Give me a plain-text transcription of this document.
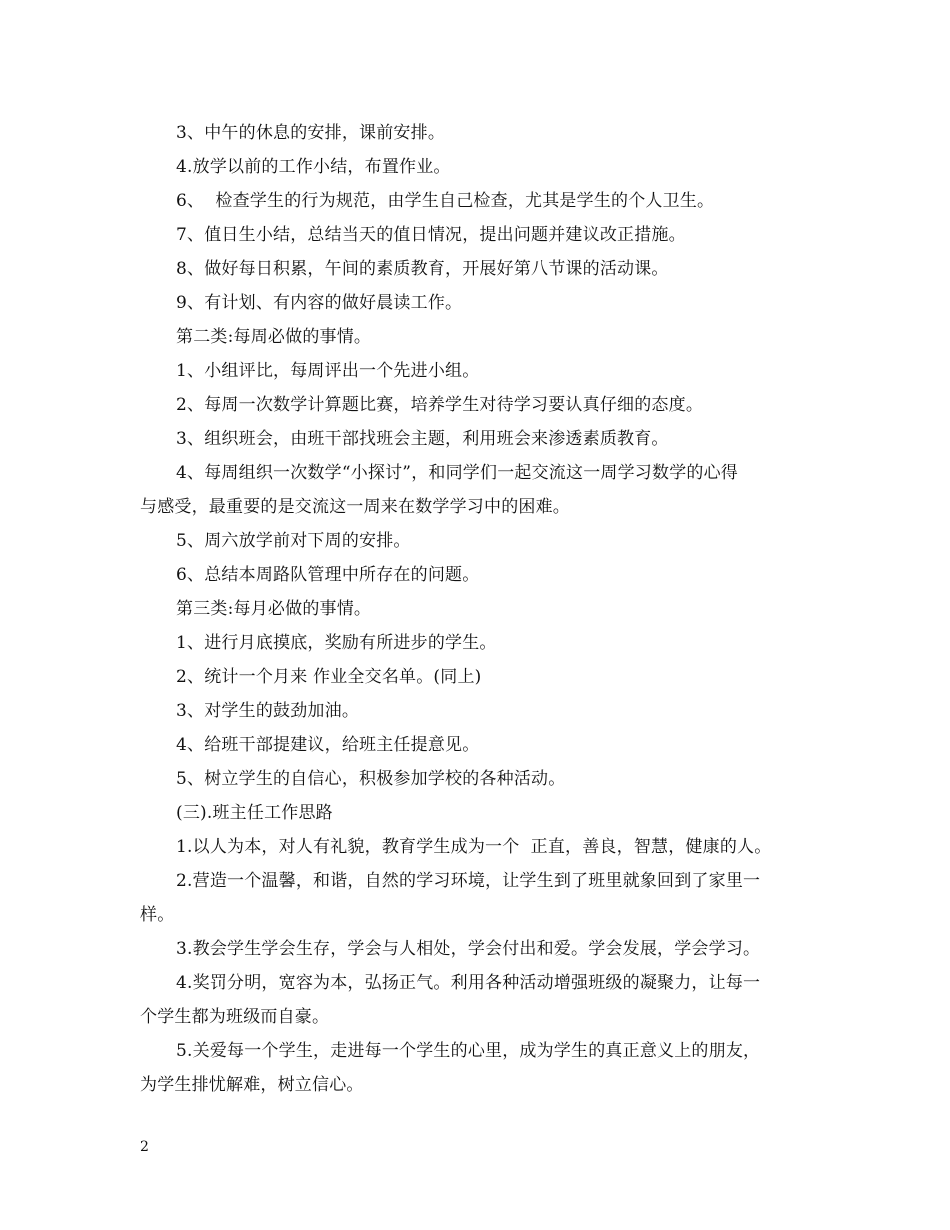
3、中午的休息的安排，课前安排。
4.放学以前的工作小结，布置作业。
6、  检查学生的行为规范，由学生自己检查，尤其是学生的个人卫生。
7、值日生小结，总结当天的值日情况，提出问题并建议改正措施。
8、做好每日积累，午间的素质教育，开展好第八节课的活动课。
9、有计划、有内容的做好晨读工作。
第二类:每周必做的事情。
1、小组评比，每周评出一个先进小组。
2、每周一次数学计算题比赛，培养学生对待学习要认真仔细的态度。
3、组织班会，由班干部找班会主题，利用班会来渗透素质教育。
4、每周组织一次数学“小探讨”，和同学们一起交流这一周学习数学的心得
与感受，最重要的是交流这一周来在数学学习中的困难。
5、周六放学前对下周的安排。
6、总结本周路队管理中所存在的问题。
第三类:每月必做的事情。
1、进行月底摸底，奖励有所进步的学生。
2、统计一个月来 作业全交名单。(同上)
3、对学生的鼓劲加油。
4、给班干部提建议，给班主任提意见。
5、树立学生的自信心，积极参加学校的各种活动。
(三).班主任工作思路
1.以人为本，对人有礼貌，教育学生成为一个  正直，善良，智慧，健康的人。
2.营造一个温馨，和谐，自然的学习环境，让学生到了班里就象回到了家里一
样。
3.教会学生学会生存，学会与人相处，学会付出和爱。学会发展，学会学习。
4.奖罚分明，宽容为本，弘扬正气。利用各种活动增强班级的凝聚力，让每一
个学生都为班级而自豪。
5.关爱每一个学生，走进每一个学生的心里，成为学生的真正意义上的朋友，
为学生排忧解难，树立信心。
2
